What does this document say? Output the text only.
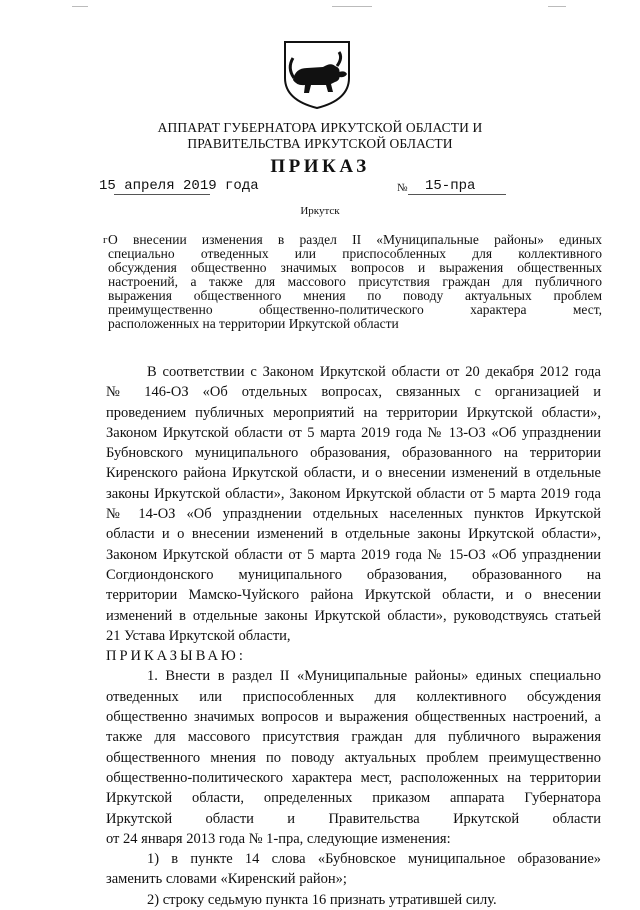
АППАРАТ ГУБЕРНАТОРА ИРКУТСКОЙ ОБЛАСТИ И
ПРАВИТЕЛЬСТВА ИРКУТСКОЙ ОБЛАСТИ
ПРИКАЗ
15 апреля 2019 года	№ 15-пра
Иркутск
г О внесении изменения в раздел II «Муниципальные районы» единых
специально отведенных или приспособленных для коллективного
обсуждения общественно значимых вопросов и выражения общественных
настроений, а также для массового присутствия граждан для публичного
выражения общественного мнения по поводу актуальных проблем
преимущественно общественно-политического характера мест,
расположенных на территории Иркутской области
В соответствии с Законом Иркутской области от 20 декабря 2012 года
№ 146-ОЗ «Об отдельных вопросах, связанных с организацией и
проведением публичных мероприятий на территории Иркутской области»,
Законом Иркутской области от 5 марта 2019 года № 13-ОЗ «Об упразднении
Бубновского муниципального образования, образованного на территории
Киренского района Иркутской области, и о внесении изменений в отдельные
законы Иркутской области», Законом Иркутской области от 5 марта 2019 года
№ 14-ОЗ «Об упразднении отдельных населенных пунктов Иркутской
области и о внесении изменений в отдельные законы Иркутской области»,
Законом Иркутской области от 5 марта 2019 года № 15-ОЗ «Об упразднении
Согдиондонского муниципального образования, образованного на
территории Мамско-Чуйского района Иркутской области, и о внесении
изменений в отдельные законы Иркутской области», руководствуясь статьей
21 Устава Иркутской области,
ПРИКАЗЫВАЮ:
1. Внести в раздел II «Муниципальные районы» единых специально
отведенных или приспособленных для коллективного обсуждения
общественно значимых вопросов и выражения общественных настроений, а
также для массового присутствия граждан для публичного выражения
общественного мнения по поводу актуальных проблем преимущественно
общественно-политического характера мест, расположенных на территории
Иркутской области, определенных приказом аппарата Губернатора
Иркутской области и Правительства Иркутской области
от 24 января 2013 года № 1-пра, следующие изменения:
1) в пункте 14 слова «Бубновское муниципальное образование»
заменить словами «Киренский район»;
2) строку седьмую пункта 16 признать утратившей силу.
